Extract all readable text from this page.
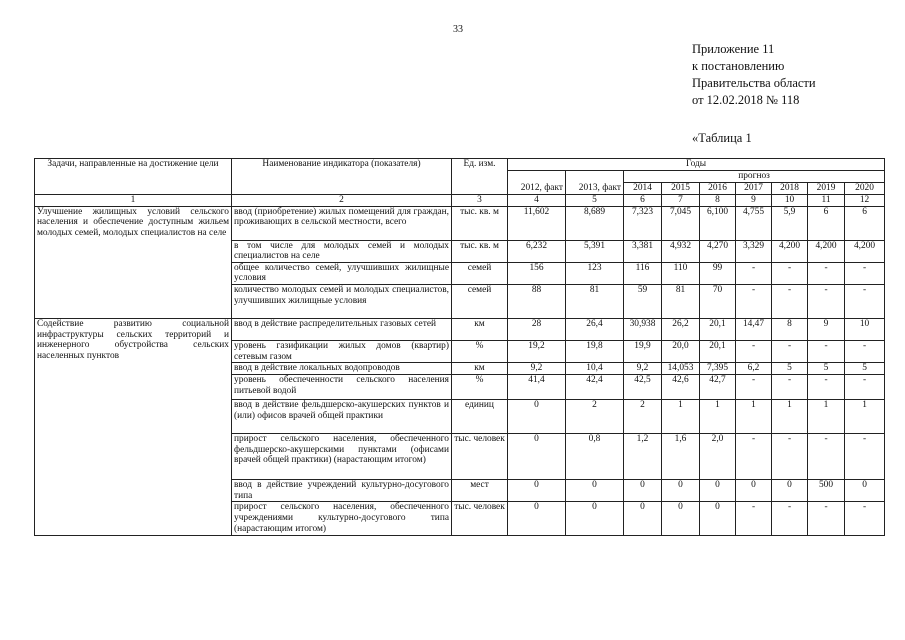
33
Приложение 11
к постановлению
Правительства области
от 12.02.2018 № 118
«Таблица 1
Задачи, направленные на достижение цели	Наименование индикатора (показателя)	Ед. изм.	Годы								
			2012, факт	2013, факт	прогноз						
					2014	2015	2016	2017	2018	2019	2020
1	2	3	4	5	6	7	8	9	10	11	12
Улучшение жилищных условий сельского населения и обеспечение доступным жильем молодых семей, молодых специалистов на селе	ввод (приобретение) жилых помещений для граждан, проживающих в сельской местности, всего	тыс. кв. м	11,602	8,689	7,323	7,045	6,100	4,755	5,9	6	6
	в том числе для молодых семей и молодых специалистов на селе	тыс. кв. м	6,232	5,391	3,381	4,932	4,270	3,329	4,200	4,200	4,200
	общее количество семей, улучшивших жилищные условия	семей	156	123	116	110	99	-	-	-	-
	количество молодых семей и молодых специалистов, улучшивших жилищные условия	семей	88	81	59	81	70	-	-	-	-
Содействие развитию социальной инфраструктуры сельских территорий и инженерного обустройства сельских населенных пунктов	ввод в действие распределительных газовых сетей	км	28	26,4	30,938	26,2	20,1	14,47	8	9	10
	уровень газификации жилых домов (квартир) сетевым газом	%	19,2	19,8	19,9	20,0	20,1	-	-	-	-
	ввод в действие локальных водопроводов	км	9,2	10,4	9,2	14,053	7,395	6,2	5	5	5
	уровень обеспеченности сельского населения питьевой водой	%	41,4	42,4	42,5	42,6	42,7	-	-	-	-
	ввод в действие фельдшерско-акушерских пунктов и (или) офисов врачей общей практики	единиц	0	2	2	1	1	1	1	1	1
	прирост сельского населения, обеспеченного фельдшерско-акушерскими пунктами (офисами врачей общей практики) (нарастающим итогом)	тыс. человек	0	0,8	1,2	1,6	2,0	-	-	-	-
	ввод в действие учреждений культурно-досугового типа	мест	0	0	0	0	0	0	0	500	0
	прирост сельского населения, обеспеченного учреждениями культурно-досугового типа (нарастающим итогом)	тыс. человек	0	0	0	0	0	-	-	-	-
